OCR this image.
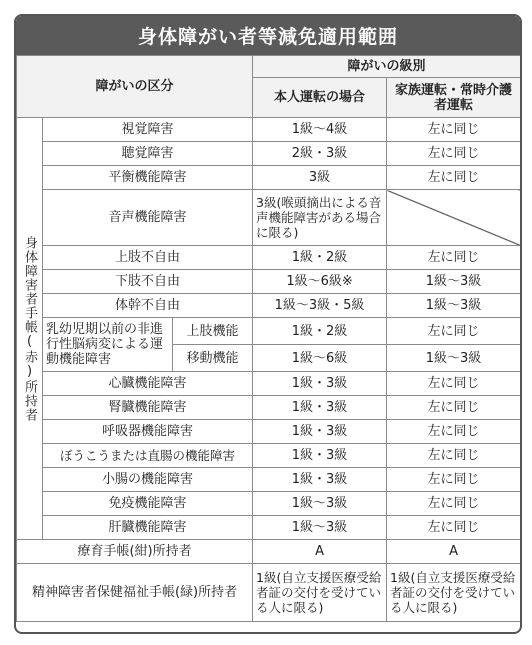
身体障がい者等減免適用範囲
障がいの区分			障がいの級別	
			本人運転の場合	家族運転・常時介護者運転
身体障害者手帳(赤)所持者	視覚障害		1級～4級	左に同じ
	聴覚障害		2級・3級	左に同じ
	平衡機能障害		3級	左に同じ
	音声機能障害		3級(喉頭摘出による音声機能障害がある場合に限る)	
	上肢不自由		1級・2級	左に同じ
	下肢不自由		1級～6級※	1級～3級
	体幹不自由		1級～3級・5級	1級～3級
	乳幼児期以前の非進行性脳病変による運動機能障害	上肢機能	1級・2級	左に同じ
		移動機能	1級～6級	1級～3級
	心臓機能障害		1級・3級	左に同じ
	腎臓機能障害		1級・3級	左に同じ
	呼吸器機能障害		1級・3級	左に同じ
	ぼうこうまたは直腸の機能障害		1級・3級	左に同じ
	小腸の機能障害		1級・3級	左に同じ
	免疫機能障害		1級～3級	左に同じ
	肝臓機能障害		1級～3級	左に同じ
療育手帳(紺)所持者			A	A
精神障害者保健福祉手帳(緑)所持者			1級(自立支援医療受給者証の交付を受けている人に限る)	1級(自立支援医療受給者証の交付を受けている人に限る)
